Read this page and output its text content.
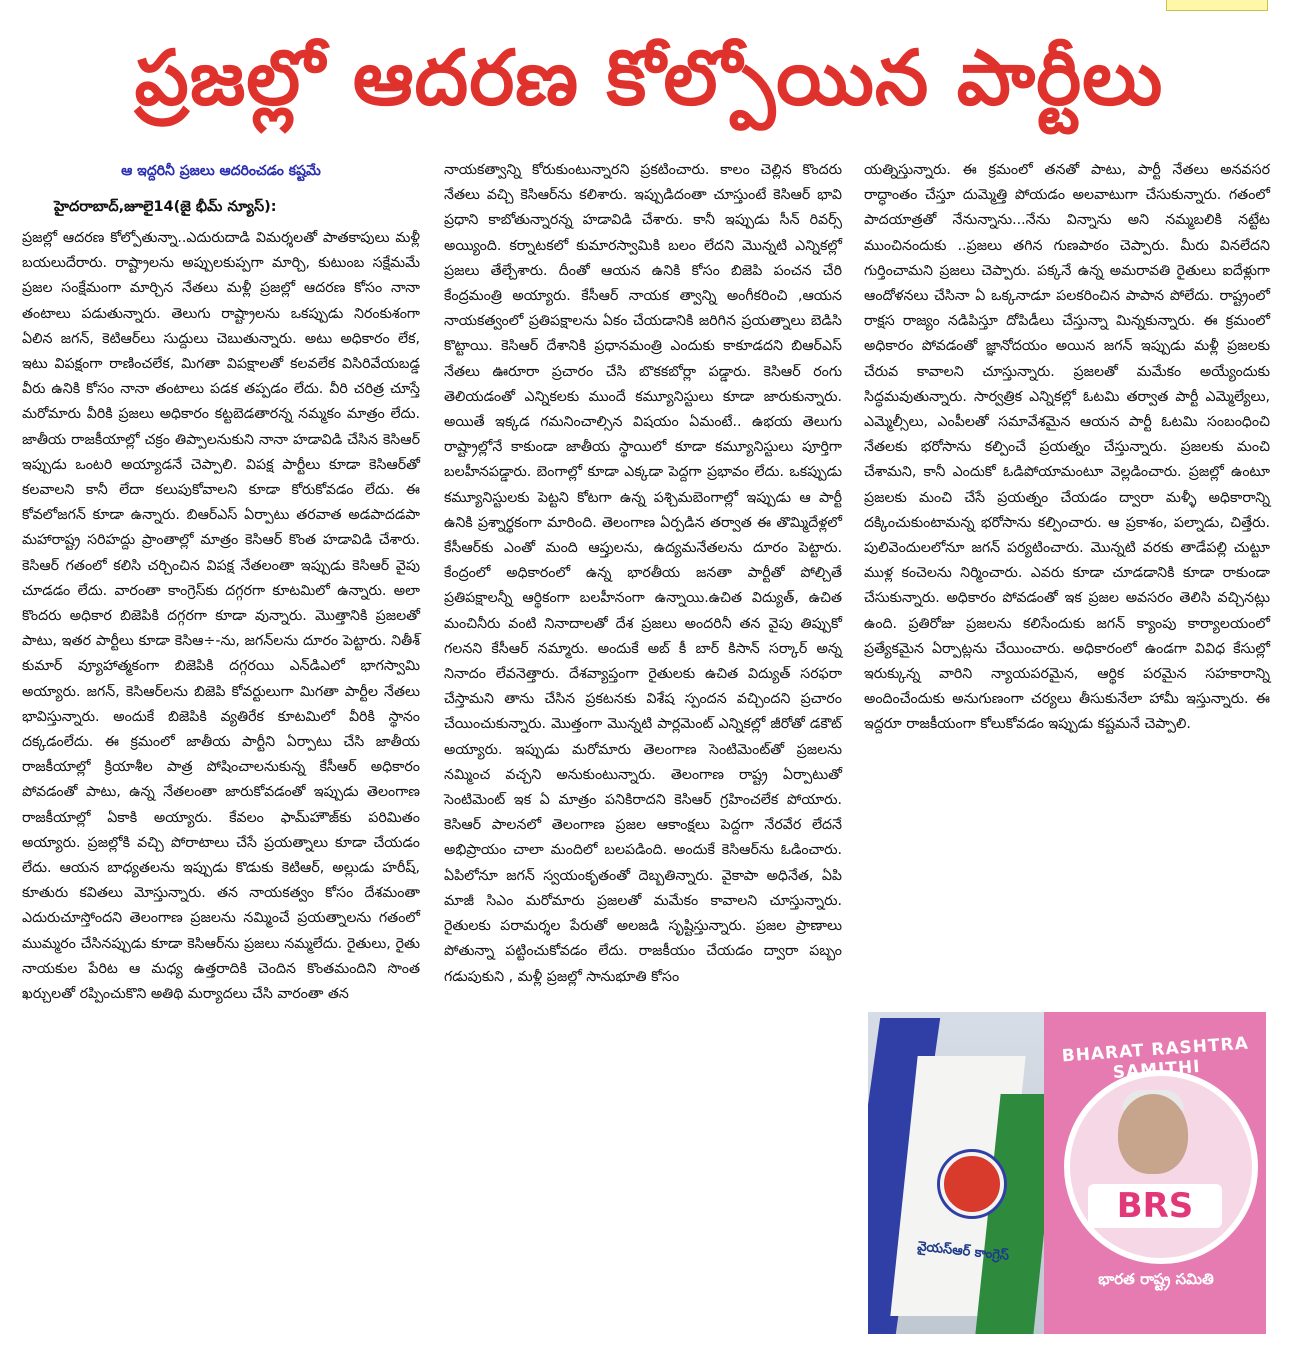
ప్రజల్లో ఆదరణ కోల్పోయిన పార్టీలు
ఆ ఇద్దరినీ ప్రజలు ఆదరించడం కష్టమే
హైదరాబాద్,జూలై14(జై భీమ్ న్యూస్):

ప్రజల్లో ఆదరణ కోల్పోతున్నా..ఎదురుదాడి విమర్శలతో పాతకాపులు మళ్లీ బయలుదేరారు. రాష్ట్రాలను అప్పులకుప్పగా మార్చి, కుటుంబ సక్షేమమే ప్రజల సంక్షేమంగా మార్చిన నేతలు మళ్లీ ప్రజల్లో ఆదరణ కోసం నానా తంటాలు పడుతున్నారు. తెలుగు రాష్ట్రాలను ఒకప్పుడు నిరంకుశంగా ఏలిన జగన్, కెటిఆర్‌లు సుద్దులు చెబుతున్నారు. అటు అధికారం లేక, ఇటు విపక్షంగా రాణించలేక, మిగతా విపక్షాలతో కలవలేక విసిరివేయబడ్డ వీరు ఉనికి కోసం నానా తంటాలు పడక తప్పడం లేదు. వీరి చరిత్ర చూస్తే మరోమారు వీరికి ప్రజలు అధికారం కట్టబెడతారన్న నమ్మకం మాత్రం లేదు. జాతీయ రాజకీయాల్లో చక్రం తిప్పాలనుకుని నానా హడావిడి చేసిన కెసిఆర్ ఇప్పుడు ఒంటరి అయ్యాడనే చెప్పాలి. విపక్ష పార్టీలు కూడా కెసిఆర్‌తో కలవాలని కానీ లేదా కలుపుకోవాలని కూడా కోరుకోవడం లేదు. ఈ కోవలోజగన్ కూడా ఉన్నారు. బిఆర్‌ఎస్ ఏర్పాటు తరవాత అడపాదడపా మహారాష్ట్ర సరిహద్దు ప్రాంతాల్లో మాత్రం కెసిఆర్ కొంత హడావిడి చేశారు. కెసిఆర్ గతంలో కలిసి చర్చించిన విపక్ష నేతలంతా ఇప్పుడు కెసిఆర్ వైపు చూడడం లేదు. వారంతా కాంగ్రెస్‌కు దగ్గరగా కూటమిలో ఉన్నారు. అలా కొందరు అధికార బిజెపికి దగ్గరగా కూడా వున్నారు. మొత్తానికి ప్రజలతో పాటు, ఇతర పార్టీలు కూడా కెసిఆ÷-ను, జగన్‌లను దూరం పెట్టారు. నితీశ్ కుమార్ వ్యూహాత్మకంగా బిజెపికి దగ్గరయి ఎన్‌డిఎలో భాగస్వామి అయ్యారు. జగన్, కెసిఆర్‌లను బిజెపి కోవర్టులుగా మిగతా పార్టీల నేతలు భావిస్తున్నారు. అందుకే బిజెపికి వ్యతిరేక కూటమిలో వీరికి స్థానం దక్కడంలేదు. ఈ క్రమంలో జాతీయ పార్టీని ఏర్పాటు చేసి జాతీయ రాజకీయాల్లో క్రియాశీల పాత్ర పోషించాలనుకున్న కేసీఆర్ అధికారం పోవడంతో పాటు, ఉన్న నేతలంతా జారుకోవడంతో ఇప్పుడు తెలంగాణ రాజకీయాల్లో ఏకాకి అయ్యారు. కేవలం ఫామ్‌హౌజ్‌కు పరిమితం అయ్యారు. ప్రజల్లోకి వచ్చి పోరాటాలు చేసే ప్రయత్నాలు కూడా చేయడం లేదు. ఆయన బాధ్యతలను ఇప్పుడు కొడుకు కెటిఆర్, అల్లుడు హరీష్, కూతురు కవితలు మోస్తున్నారు. తన నాయకత్వం కోసం దేశమంతా ఎదురుచూస్తోందని తెలంగాణ ప్రజలను నమ్మించే ప్రయత్నాలను గతంలో ముమ్మరం చేసినప్పుడు కూడా కెసిఆర్‌ను ప్రజలు నమ్మలేదు. రైతులు, రైతు నాయకుల పేరిట ఆ మధ్య ఉత్తరాదికి చెందిన కొంతమందిని సొంత ఖర్చులతో రప్పించుకొని అతిథి మర్యాదలు చేసి వారంతా తన

నాయకత్వాన్ని కోరుకుంటున్నారని ప్రకటించారు. కాలం చెల్లిన కొందరు నేతలు వచ్చి కెసిఆర్‌ను కలిశారు. ఇప్పుడిదంతా చూస్తుంటే కెసిఆర్ భావి ప్రధాని కాబోతున్నారన్న హడావిడి చేశారు. కానీ ఇప్పుడు సీన్ రివర్స్ అయ్యింది. కర్నాటకలో కుమారస్వామికి బలం లేదని మొన్నటి ఎన్నికల్లో ప్రజలు తేల్చేశారు. దీంతో ఆయన ఉనికి కోసం బిజెపి పంచన చేరి కేంద్రమంత్రి అయ్యారు. కేసీఆర్ నాయక త్వాన్ని అంగీకరించి ,ఆయన నాయకత్వంలో ప్రతిపక్షాలను ఏకం చేయడానికి జరిగిన ప్రయత్నాలు బెడిసి కొట్టాయి. కెసిఆర్ దేశానికి ప్రధానమంత్రి ఎందుకు కాకూడదని బిఆర్‌ఎస్ నేతలు ఊరూరా ప్రచారం చేసి బొకకబోర్లా పడ్డారు. కెసిఆర్ రంగు తెలియడంతో ఎన్నికలకు ముందే కమ్యూనిస్టులు కూడా జారుకున్నారు. అయితే ఇక్కడ గమనించాల్సిన విషయం ఏమంటే.. ఉభయ తెలుగు రాష్ట్రాల్లోనే కాకుండా జాతీయ స్థాయిలో కూడా కమ్యూనిస్టులు పూర్తిగా బలహీనపడ్డారు. బెంగాల్లో కూడా ఎక్కడా పెద్దగా ప్రభావం లేదు. ఒకప్పుడు కమ్యూనిస్టులకు పెట్టని కోటగా ఉన్న పశ్చిమబెంగాల్లో ఇప్పుడు ఆ పార్టీ ఉనికి ప్రశ్నార్థకంగా మారింది. తెలంగాణ ఏర్పడిన తర్వాత ఈ తొమ్మిదేళ్లలో కేసీఆర్‌కు ఎంతో మంది ఆప్తులను, ఉద్యమనేతలను దూరం పెట్టారు. కేంద్రంలో అధికారంలో ఉన్న భారతీయ జనతా పార్టీతో పోల్చితే ప్రతిపక్షాలన్నీ ఆర్థికంగా బలహీనంగా ఉన్నాయి.ఉచిత విద్యుత్, ఉచిత మంచినీరు వంటి నినాదాలతో దేశ ప్రజలు అందరినీ తన వైపు తిప్పుకో గలనని కేసీఆర్ నమ్మారు. అందుకే అబ్ కీ బార్ కిసాన్ సర్కార్ అన్న నినాదం లేవనెత్తారు. దేశవ్యాప్తంగా రైతులకు ఉచిత విద్యుత్ సరఫరా చేస్తామని తాను చేసిన ప్రకటనకు విశేష స్పందన వచ్చిందని ప్రచారం చేయించుకున్నారు. మొత్తంగా మొన్నటి పార్లమెంట్ ఎన్నికల్లో జీరోతో డకౌట్ అయ్యారు. ఇప్పుడు మరోమారు తెలంగాణ సెంటిమెంట్‌తో ప్రజలను నమ్మించ వచ్చని అనుకుంటున్నారు. తెలంగాణ రాష్ట్ర ఏర్పాటుతో సెంటిమెంట్ ఇక ఏ మాత్రం పనికిరాదని కెసిఆర్ గ్రహించలేక పోయారు. కెసిఆర్ పాలనలో తెలంగాణ ప్రజల ఆకాంక్షలు పెద్దగా నేరవేర లేదనే అభిప్రాయం చాలా మందిలో బలపడింది. అందుకే కెసిఆర్‌ను ఓడించారు. ఏపిలోనూ జగన్ స్వయంకృతంతో దెబ్బతిన్నారు. వైకాపా అధినేత, ఏపి మాజీ సిఎం మరోమారు ప్రజలతో మమేకం కావాలని చూస్తున్నారు. రైతులకు పరామర్శల పేరుతో అలజడి సృష్టిస్తున్నారు. ప్రజల ప్రాణాలు పోతున్నా పట్టించుకోవడం లేదు. రాజకీయం చేయడం ద్వారా పబ్బం గడుపుకుని , మళ్లీ ప్రజల్లో సానుభూతి కోసం

యత్నిస్తున్నారు. ఈ క్రమంలో తనతో పాటు, పార్టీ నేతలు అనవసర రాద్ధాంతం చేస్తూ దుమ్మెత్తి పోయడం అలవాటుగా చేసుకున్నారు. గతంలో పాదయాత్రతో నేనున్నాను...నేను విన్నాను అని నమ్మబలికి నట్టేట ముంచినందుకు ..ప్రజలు తగిన గుణపాఠం చెప్పారు. మీరు వినలేదని గుర్తించామని ప్రజలు చెప్పారు. పక్కనే ఉన్న అమరావతి రైతులు ఐదేళ్లుగా ఆందోళనలు చేసినా ఏ ఒక్కనాడూ పలకరించిన పాపాన పోలేదు. రాష్ట్రంలో రాక్షస రాజ్యం నడిపిస్తూ దోపిడీలు చేస్తున్నా మిన్నకున్నారు. ఈ క్రమంలో అధికారం పోవడంతో జ్ఞానోదయం అయిన జగన్ ఇప్పుడు మళ్లీ ప్రజలకు చేరువ కావాలని చూస్తున్నారు. ప్రజలతో మమేకం అయ్యేందుకు సిద్ధమవుతున్నారు. సార్వత్రిక ఎన్నికల్లో ఓటమి తర్వాత పార్టీ ఎమ్మెల్యేలు, ఎమ్మెల్సీలు, ఎంపీలతో సమావేశమైన ఆయన పార్టీ ఓటమి సంబంధించి నేతలకు భరోసాను కల్పించే ప్రయత్నం చేస్తున్నారు. ప్రజలకు మంచి చేశామని, కానీ ఎందుకో ఓడిపోయామంటూ వెల్లడించారు. ప్రజల్లో ఉంటూ ప్రజలకు మంచి చేసే ప్రయత్నం చేయడం ద్వారా మళ్ళీ అధికారాన్ని దక్కించుకుంటామన్న భరోసాను కల్పించారు. ఆ ప్రకాశం, పల్నాడు, చిత్తేరు. పులివెందులలోనూ జగన్ పర్యటించారు. మొన్నటి వరకు తాడేపల్లి చుట్టూ ముళ్ల కంచెలను నిర్మించారు. ఎవరు కూడా చూడడానికి కూడా రాకుండా చేసుకున్నారు. అధికారం పోవడంతో ఇక ప్రజల అవసరం తెలిసి వచ్చినట్లు ఉంది. ప్రతిరోజు ప్రజలను కలిసేందుకు జగన్ క్యాంపు కార్యాలయంలో ప్రత్యేకమైన ఏర్పాట్లను చేయించారు. అధికారంలో ఉండగా వివిధ కేసుల్లో ఇరుక్కున్న వారిని న్యాయపరమైన, ఆర్థిక పరమైన సహకారాన్ని అందించేందుకు అనుగుణంగా చర్యలు తీసుకునేలా హామీ ఇస్తున్నారు. ఈ ఇద్దరూ రాజకీయంగా కోలుకోవడం ఇప్పుడు కష్టమనే చెప్పాలి.

వైయస్ఆర్ కాంగ్రెస్
BHARAT RASHTRA SAMITHI
BRS
భారత రాష్ట్ర సమితి
